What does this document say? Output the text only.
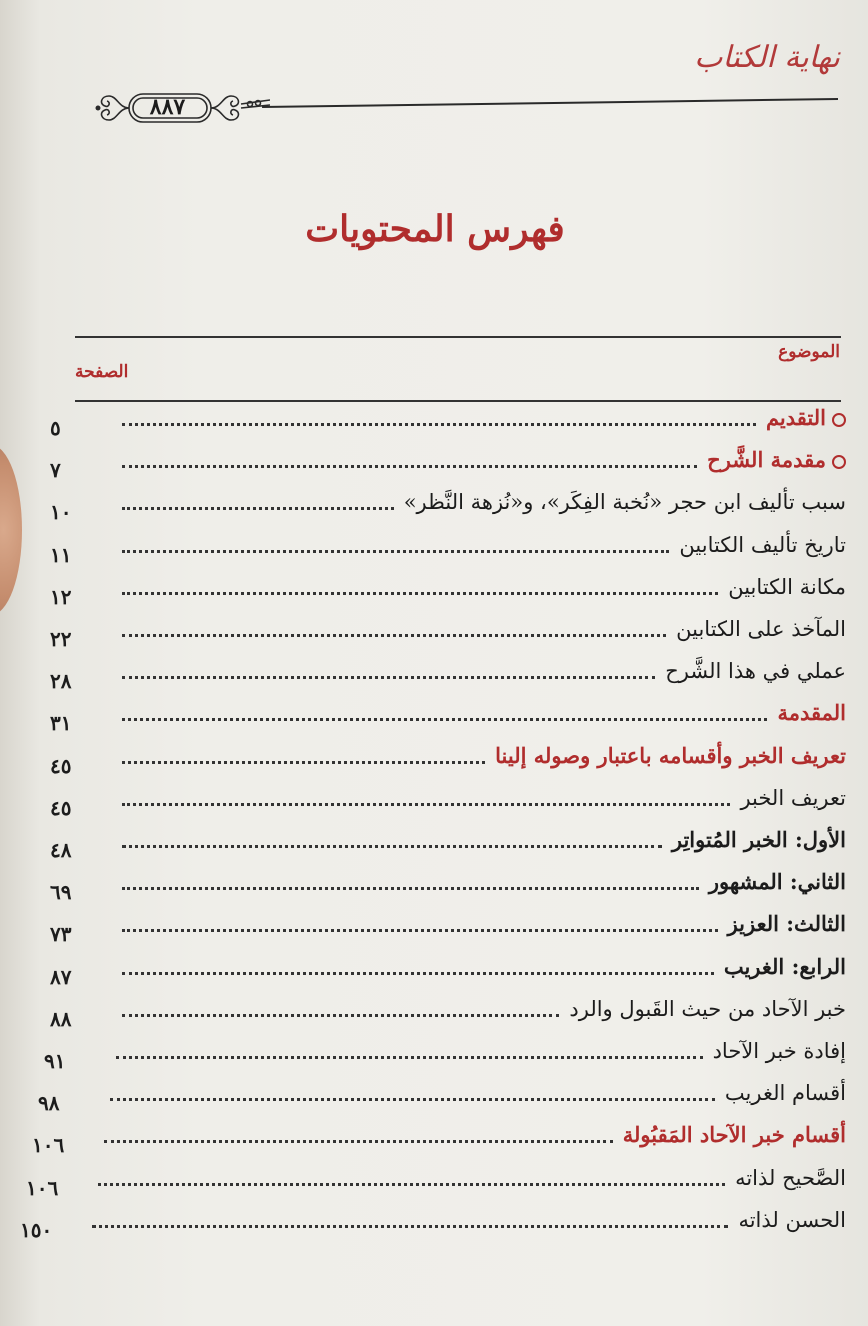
نهاية الكتاب
٨٨٧
فهرس المحتويات
الموضوع
الصفحة
التقديم
٥
مقدمة الشَّرح
٧
سبب تأليف ابن حجر «نُخبة الفِكَر»، و«نُزهة النَّظر»
١٠
تاريخ تأليف الكتابين
١١
مكانة الكتابين
١٢
المآخذ على الكتابين
٢٢
عملي في هذا الشَّرح
٢٨
المقدمة
٣١
تعريف الخبر وأقسامه باعتبار وصوله إلينا
٤٥
تعريف الخبر
٤٥
الأول: الخبر المُتواتِر
٤٨
الثاني: المشهور
٦٩
الثالث: العزيز
٧٣
الرابع: الغريب
٨٧
خبر الآحاد من حيث القَبول والرد
٨٨
إفادة خبر الآحاد
٩١
أقسام الغريب
٩٨
أقسام خبر الآحاد المَقبُولة
١٠٦
الصَّحيح لذاته
١٠٦
الحسن لذاته
١٥٠
